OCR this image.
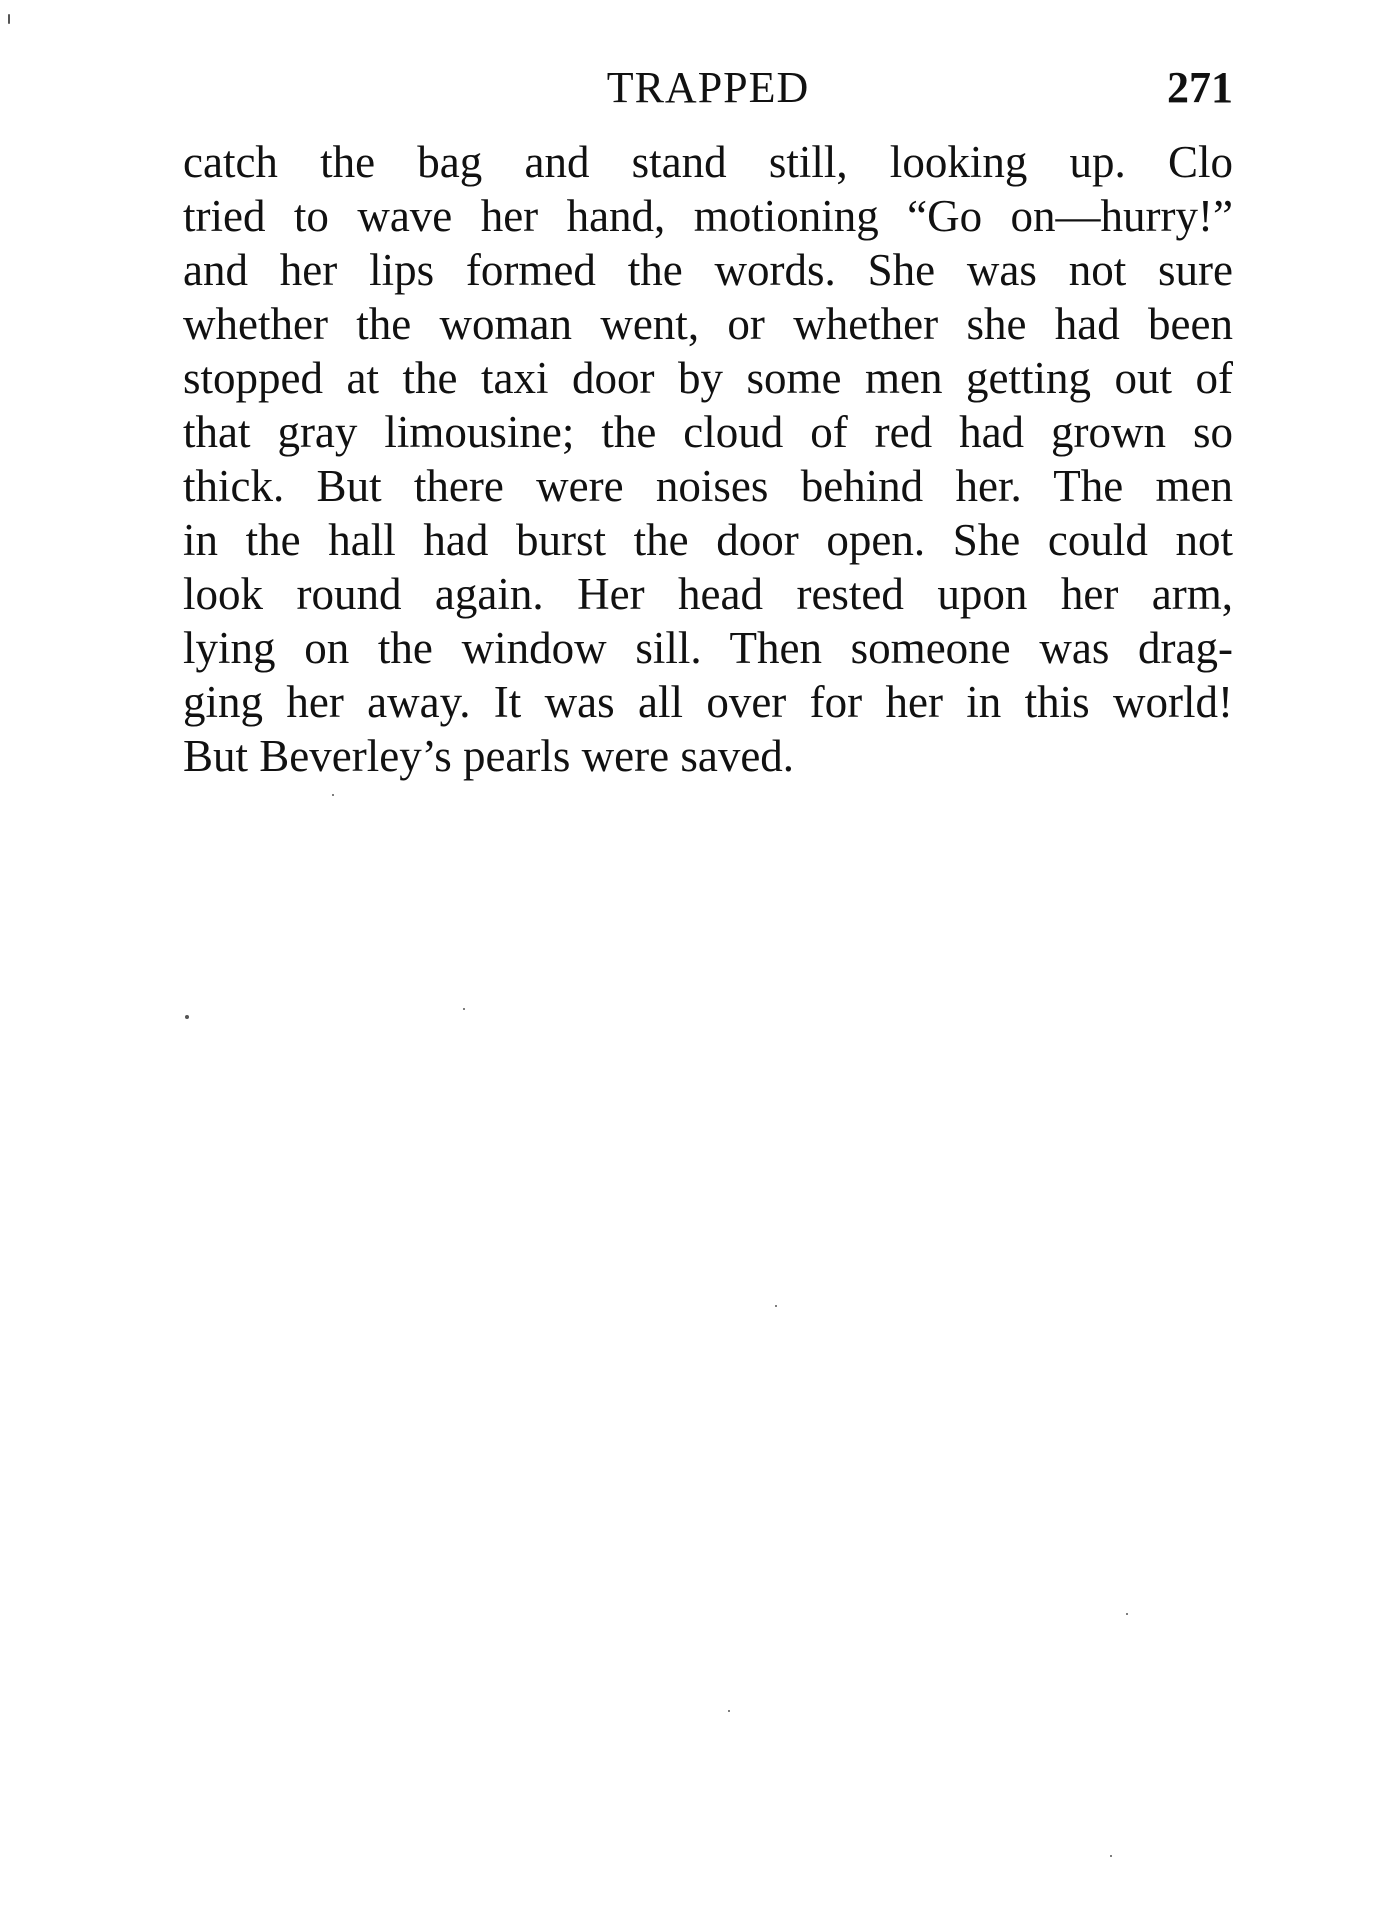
TRAPPED	271
catch the bag and stand still, looking up. Clo
tried to wave her hand, motioning “Go on—hurry!”
and her lips formed the words. She was not sure
whether the woman went, or whether she had been
stopped at the taxi door by some men getting out of
that gray limousine; the cloud of red had grown so
thick. But there were noises behind her. The men
in the hall had burst the door open. She could not
look round again. Her head rested upon her arm,
lying on the window sill. Then someone was drag-
ging her away. It was all over for her in this world!
But Beverley’s pearls were saved.
